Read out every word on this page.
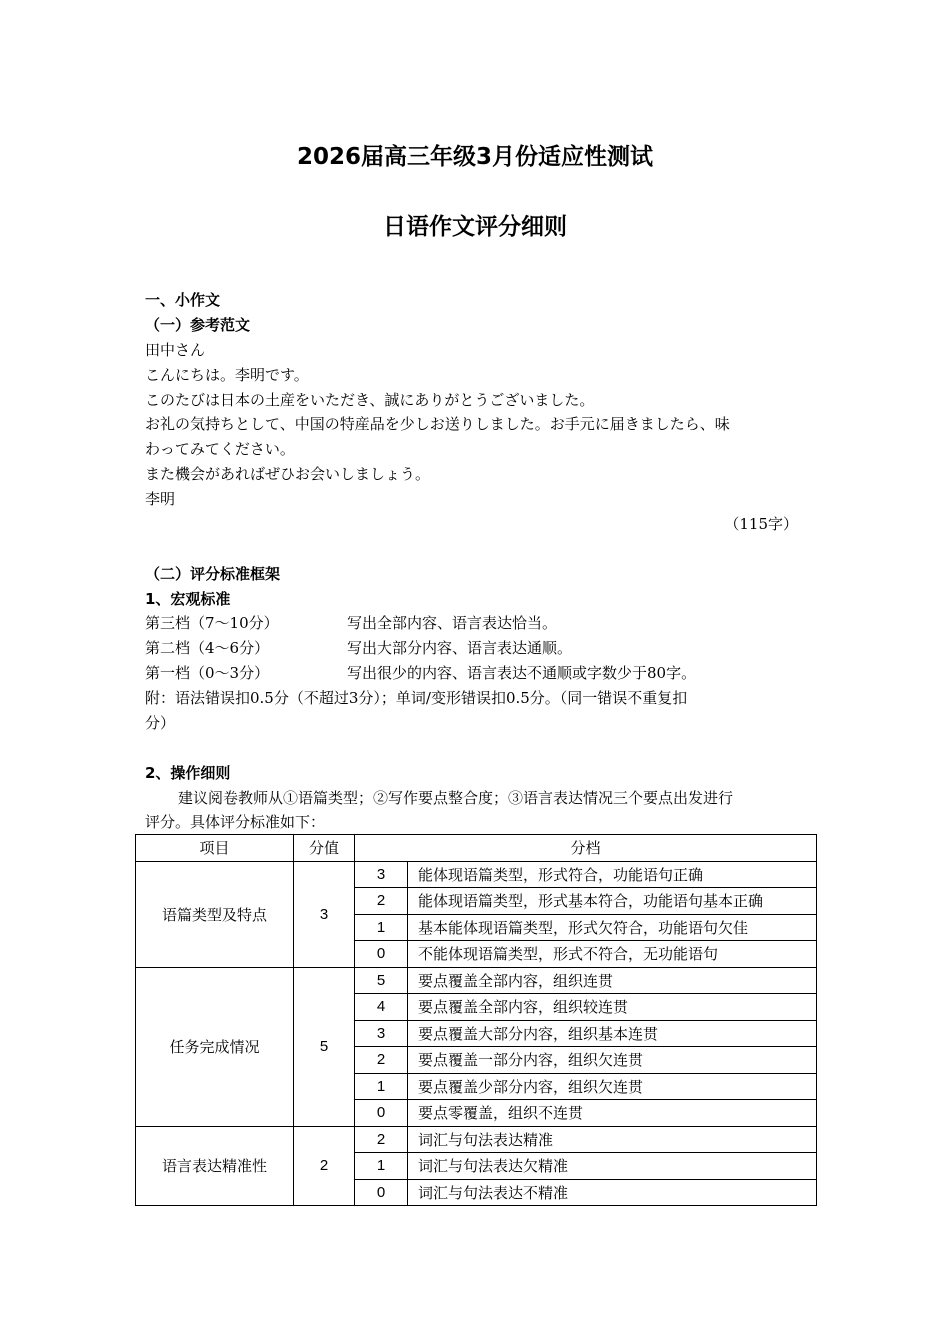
2026届高三年级3月份适应性测试
日语作文评分细则
一、小作文
（一）参考范文
田中さん
こんにちは。李明です。
このたびは日本の土産をいただき、誠にありがとうございました。
お礼の気持ちとして、中国の特産品を少しお送りしました。お手元に届きましたら、味
わってみてください。
また機会があればぜひお会いしましょう。
李明
（115字）
（二）评分标准框架
1、宏观标准
第三档（7～10分）	写出全部内容、语言表达恰当。
第二档（4～6分）	写出大部分内容、语言表达通顺。
第一档（0～3分）	写出很少的内容、语言表达不通顺或字数少于80字。
附：语法错误扣0.5分（不超过3分）；单词/变形错误扣0.5分。（同一错误不重复扣
分）
2、操作细则
建议阅卷教师从①语篇类型；②写作要点整合度；③语言表达情况三个要点出发进行
评分。具体评分标准如下：
项目	分值	分档	
语篇类型及特点	3	3	能体现语篇类型，形式符合，功能语句正确
		2	能体现语篇类型，形式基本符合，功能语句基本正确
		1	基本能体现语篇类型，形式欠符合，功能语句欠佳
		0	不能体现语篇类型，形式不符合，无功能语句
任务完成情况	5	5	要点覆盖全部内容，组织连贯
		4	要点覆盖全部内容，组织较连贯
		3	要点覆盖大部分内容，组织基本连贯
		2	要点覆盖一部分内容，组织欠连贯
		1	要点覆盖少部分内容，组织欠连贯
		0	要点零覆盖，组织不连贯
语言表达精准性	2	2	词汇与句法表达精准
		1	词汇与句法表达欠精准
		0	词汇与句法表达不精准
